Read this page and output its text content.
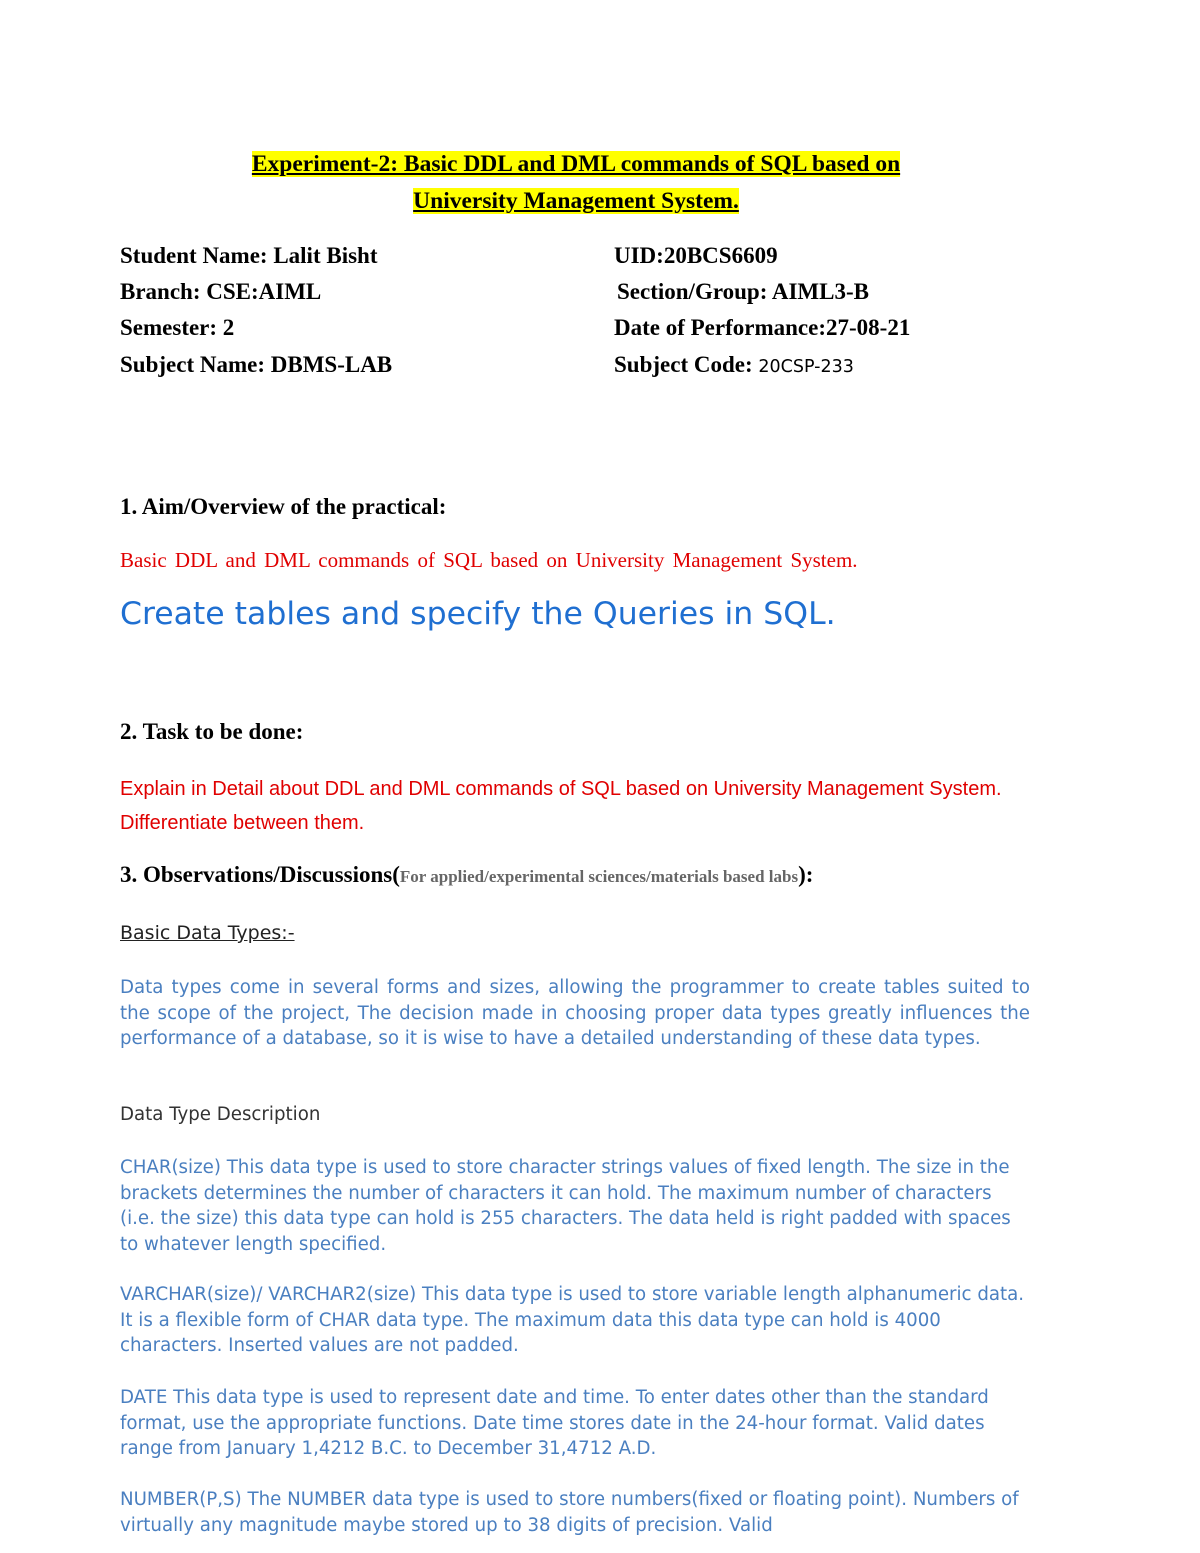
Experiment-2: Basic DDL and DML commands of SQL based on
University Management System.
Student Name: Lalit Bisht	UID:20BCS6609
Branch: CSE:AIML	Section/Group: AIML3-B
Semester: 2	Date of Performance:27-08-21
Subject Name: DBMS-LAB	Subject Code: 20CSP-233
1. Aim/Overview of the practical:
Basic DDL and DML commands of SQL based on University Management System.
Create tables and specify the Queries in SQL.
2. Task to be done:
Explain in Detail about DDL and DML commands of SQL based on University Management System. Differentiate between them.
3. Observations/Discussions(For applied/experimental sciences/materials based labs):
Basic Data Types:-
Data types come in several forms and sizes, allowing the programmer to create tables suited to the scope of the project, The decision made in choosing proper data types greatly influences the performance of a database, so it is wise to have a detailed understanding of these data types.
Data Type Description
CHAR(size) This data type is used to store character strings values of fixed length. The size in the brackets determines the number of characters it can hold. The maximum number of characters (i.e. the size) this data type can hold is 255 characters. The data held is right padded with spaces to whatever length specified.
VARCHAR(size)/ VARCHAR2(size) This data type is used to store variable length alphanumeric data. It is a flexible form of CHAR data type. The maximum data this data type can hold is 4000 characters. Inserted values are not padded.
DATE This data type is used to represent date and time. To enter dates other than the standard format, use the appropriate functions. Date time stores date in the 24-hour format. Valid dates range from January 1,4212 B.C. to December 31,4712 A.D.
NUMBER(P,S) The NUMBER data type is used to store numbers(fixed or floating point). Numbers of virtually any magnitude maybe stored up to 38 digits of precision. Valid
